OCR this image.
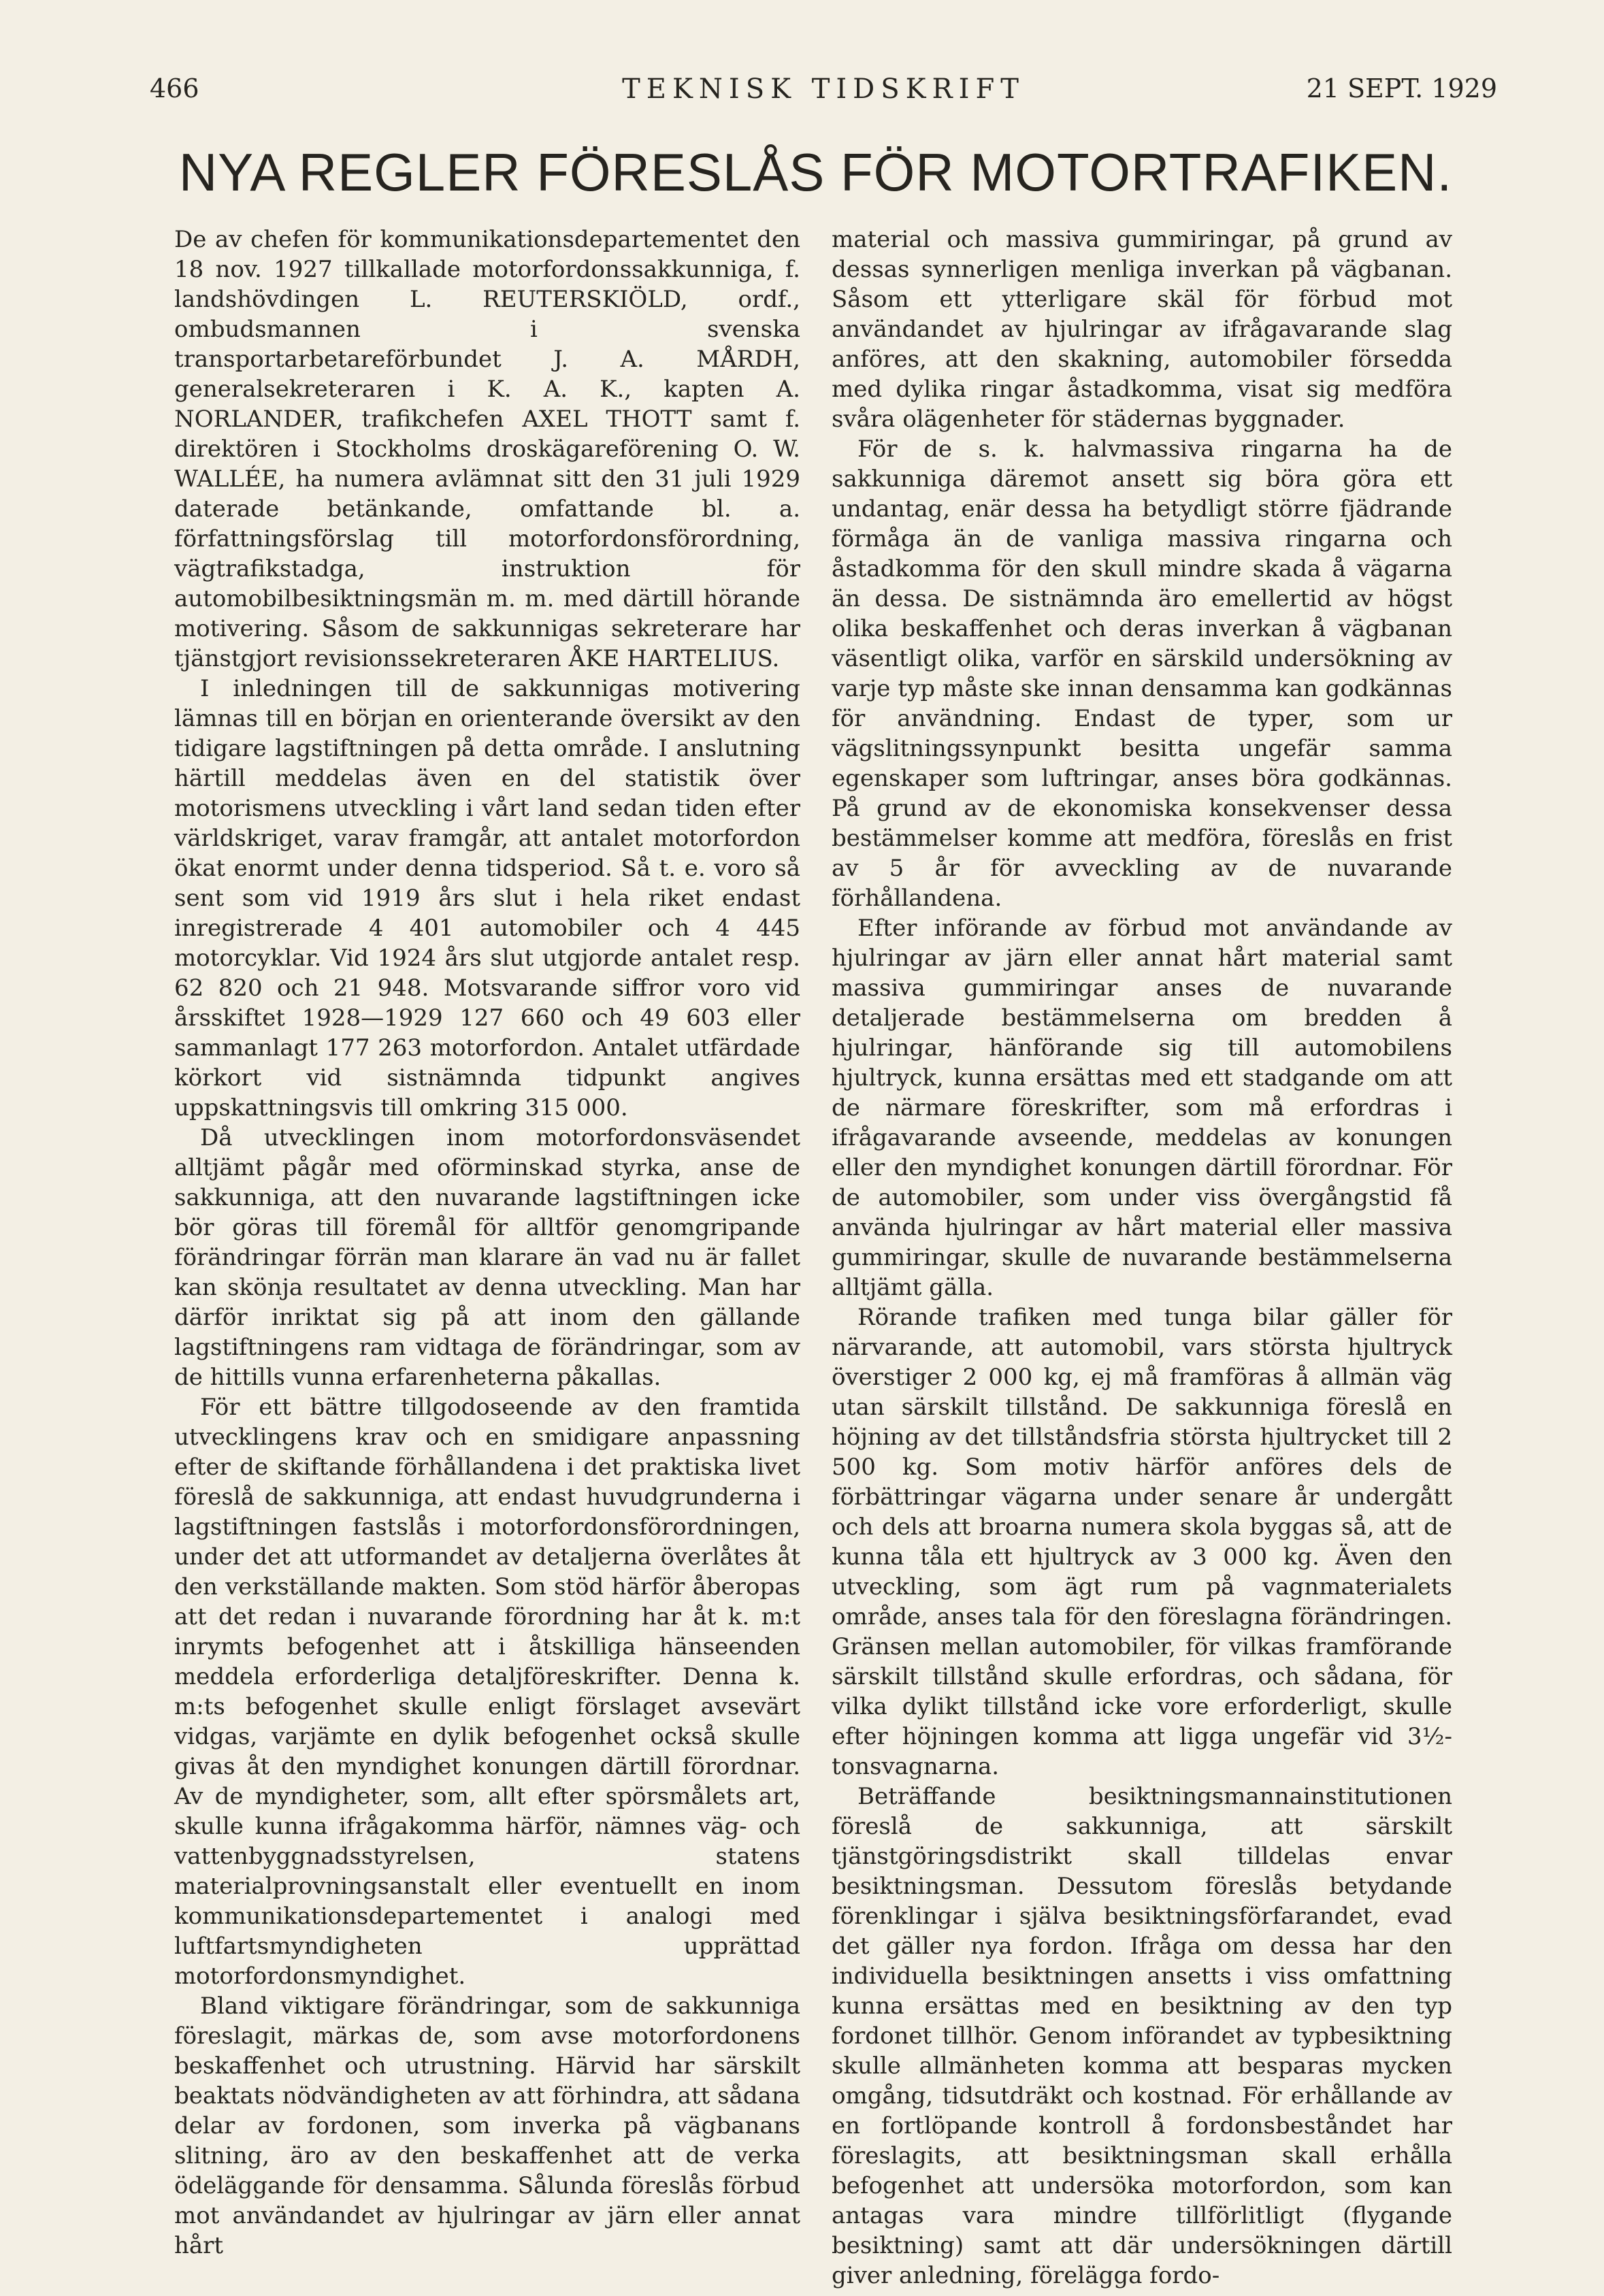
466	TEKNISK TIDSKRIFT	21 SEPT. 1929
NYA REGLER FÖRESLÅS FÖR MOTORTRAFIKEN.

De av chefen för kommunikationsdepartementet den 18 nov. 1927 tillkallade motorfordonssakkunniga, f. landshövdingen L. REUTERSKIÖLD, ordf., ombudsmannen i svenska transportarbetareförbundet J. A. MÅRDH, generalsekreteraren i K. A. K., kapten A. NORLANDER, trafikchefen AXEL THOTT samt f. direktören i Stockholms droskägareförening O. W. WALLÉE, ha numera avlämnat sitt den 31 juli 1929 daterade betänkande, omfattande bl. a. författningsförslag till motorfordonsförordning, vägtrafikstadga, instruktion för automobilbesiktningsmän m. m. med därtill hörande motivering. Såsom de sakkunnigas sekreterare har tjänstgjort revisionssekreteraren ÅKE HARTELIUS.

I inledningen till de sakkunnigas motivering lämnas till en början en orienterande översikt av den tidigare lagstiftningen på detta område. I anslutning härtill meddelas även en del statistik över motorismens utveckling i vårt land sedan tiden efter världskriget, varav framgår, att antalet motorfordon ökat enormt under denna tidsperiod. Så t. e. voro så sent som vid 1919 års slut i hela riket endast inregistrerade 4 401 automobiler och 4 445 motorcyklar. Vid 1924 års slut utgjorde antalet resp. 62 820 och 21 948. Motsvarande siffror voro vid årsskiftet 1928—1929 127 660 och 49 603 eller sammanlagt 177 263 motorfordon. Antalet utfärdade körkort vid sistnämnda tidpunkt angives uppskattningsvis till omkring 315 000.

Då utvecklingen inom motorfordonsväsendet alltjämt pågår med oförminskad styrka, anse de sakkunniga, att den nuvarande lagstiftningen icke bör göras till föremål för alltför genomgripande förändringar förrän man klarare än vad nu är fallet kan skönja resultatet av denna utveckling. Man har därför inriktat sig på att inom den gällande lagstiftningens ram vidtaga de förändringar, som av de hittills vunna erfarenheterna påkallas.

För ett bättre tillgodoseende av den framtida utvecklingens krav och en smidigare anpassning efter de skiftande förhållandena i det praktiska livet föreslå de sakkunniga, att endast huvudgrunderna i lagstiftningen fastslås i motorfordonsförordningen, under det att utformandet av detaljerna överlåtes åt den verkställande makten. Som stöd härför åberopas att det redan i nuvarande förordning har åt k. m:t inrymts befogenhet att i åtskilliga hänseenden meddela erforderliga detaljföreskrifter. Denna k. m:ts befogenhet skulle enligt förslaget avsevärt vidgas, varjämte en dylik befogenhet också skulle givas åt den myndighet konungen därtill förordnar. Av de myndigheter, som, allt efter spörsmålets art, skulle kunna ifrågakomma härför, nämnes väg- och vattenbyggnadsstyrelsen, statens materialprovningsanstalt eller eventuellt en inom kommunikationsdepartementet i analogi med luftfartsmyndigheten upprättad motorfordonsmyndighet.

Bland viktigare förändringar, som de sakkunniga föreslagit, märkas de, som avse motorfordonens beskaffenhet och utrustning. Härvid har särskilt beaktats nödvändigheten av att förhindra, att sådana delar av fordonen, som inverka på vägbanans slitning, äro av den beskaffenhet att de verka ödeläggande för densamma. Sålunda föreslås förbud mot användandet av hjulringar av järn eller annat hårt

material och massiva gummiringar, på grund av dessas synnerligen menliga inverkan på vägbanan. Såsom ett ytterligare skäl för förbud mot användandet av hjulringar av ifrågavarande slag anföres, att den skakning, automobiler försedda med dylika ringar åstadkomma, visat sig medföra svåra olägenheter för städernas byggnader.

För de s. k. halvmassiva ringarna ha de sakkunniga däremot ansett sig böra göra ett undantag, enär dessa ha betydligt större fjädrande förmåga än de vanliga massiva ringarna och åstadkomma för den skull mindre skada å vägarna än dessa. De sistnämnda äro emellertid av högst olika beskaffenhet och deras inverkan å vägbanan väsentligt olika, varför en särskild undersökning av varje typ måste ske innan densamma kan godkännas för användning. Endast de typer, som ur vägslitningssynpunkt besitta ungefär samma egenskaper som luftringar, anses böra godkännas. På grund av de ekonomiska konsekvenser dessa bestämmelser komme att medföra, föreslås en frist av 5 år för avveckling av de nuvarande förhållandena.

Efter införande av förbud mot användande av hjulringar av järn eller annat hårt material samt massiva gummiringar anses de nuvarande detaljerade bestämmelserna om bredden å hjulringar, hänförande sig till automobilens hjultryck, kunna ersättas med ett stadgande om att de närmare föreskrifter, som må erfordras i ifrågavarande avseende, meddelas av konungen eller den myndighet konungen därtill förordnar. För de automobiler, som under viss övergångstid få använda hjulringar av hårt material eller massiva gummiringar, skulle de nuvarande bestämmelserna alltjämt gälla.

Rörande trafiken med tunga bilar gäller för närvarande, att automobil, vars största hjultryck överstiger 2 000 kg, ej må framföras å allmän väg utan särskilt tillstånd. De sakkunniga föreslå en höjning av det tillståndsfria största hjultrycket till 2 500 kg. Som motiv härför anföres dels de förbättringar vägarna under senare år undergått och dels att broarna numera skola byggas så, att de kunna tåla ett hjultryck av 3 000 kg. Även den utveckling, som ägt rum på vagnmaterialets område, anses tala för den föreslagna förändringen. Gränsen mellan automobiler, för vilkas framförande särskilt tillstånd skulle erfordras, och sådana, för vilka dylikt tillstånd icke vore erforderligt, skulle efter höjningen komma att ligga ungefär vid 3½-tonsvagnarna.

Beträffande besiktningsmannainstitutionen föreslå de sakkunniga, att särskilt tjänstgöringsdistrikt skall tilldelas envar besiktningsman. Dessutom föreslås betydande förenklingar i själva besiktningsförfarandet, evad det gäller nya fordon. Ifråga om dessa har den individuella besiktningen ansetts i viss omfattning kunna ersättas med en besiktning av den typ fordonet tillhör. Genom införandet av typbesiktning skulle allmänheten komma att besparas mycken omgång, tidsutdräkt och kostnad. För erhållande av en fortlöpande kontroll å fordonsbeståndet har föreslagits, att besiktningsman skall erhålla befogenhet att undersöka motorfordon, som kan antagas vara mindre tillförlitligt (flygande besiktning) samt att där undersökningen därtill giver anledning, förelägga fordo-
